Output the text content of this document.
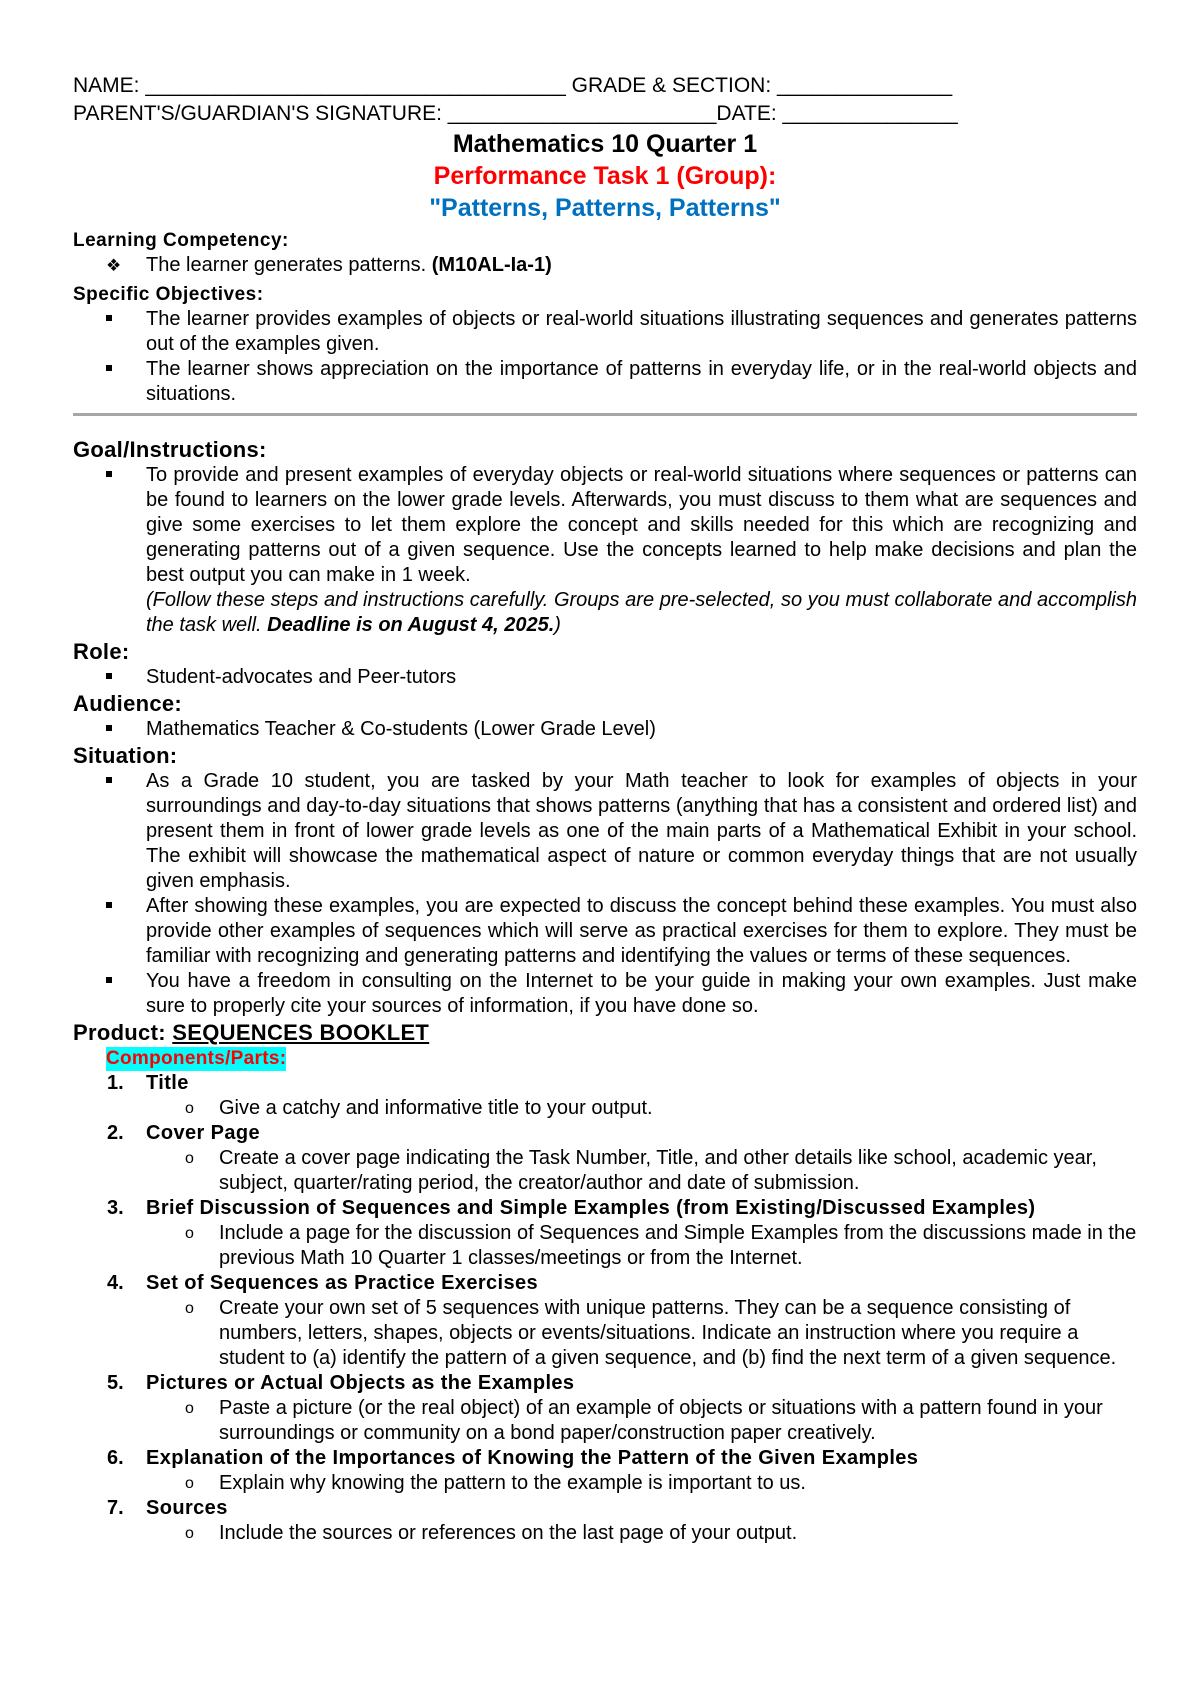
NAME: ____________________________________ GRADE & SECTION: _______________
PARENT'S/GUARDIAN'S SIGNATURE: _______________________DATE: _______________
Mathematics 10 Quarter 1
Performance Task 1 (Group):
"Patterns, Patterns, Patterns"
Learning Competency:
❖ The learner generates patterns. (M10AL-Ia-1)
Specific Objectives:
The learner provides examples of objects or real-world situations illustrating sequences and generates patterns out of the examples given.
The learner shows appreciation on the importance of patterns in everyday life, or in the real-world objects and situations.
Goal/Instructions:
To provide and present examples of everyday objects or real-world situations where sequences or patterns can be found to learners on the lower grade levels. Afterwards, you must discuss to them what are sequences and give some exercises to let them explore the concept and skills needed for this which are recognizing and generating patterns out of a given sequence. Use the concepts learned to help make decisions and plan the best output you can make in 1 week.
(Follow these steps and instructions carefully. Groups are pre-selected, so you must collaborate and accomplish the task well. Deadline is on August 4, 2025.)
Role:
Student-advocates and Peer-tutors
Audience:
Mathematics Teacher & Co-students (Lower Grade Level)
Situation:
As a Grade 10 student, you are tasked by your Math teacher to look for examples of objects in your surroundings and day-to-day situations that shows patterns (anything that has a consistent and ordered list) and present them in front of lower grade levels as one of the main parts of a Mathematical Exhibit in your school. The exhibit will showcase the mathematical aspect of nature or common everyday things that are not usually given emphasis.
After showing these examples, you are expected to discuss the concept behind these examples. You must also provide other examples of sequences which will serve as practical exercises for them to explore. They must be familiar with recognizing and generating patterns and identifying the values or terms of these sequences.
You have a freedom in consulting on the Internet to be your guide in making your own examples. Just make sure to properly cite your sources of information, if you have done so.
Product: SEQUENCES BOOKLET
Components/Parts:
1. Title
o Give a catchy and informative title to your output.
2. Cover Page
o Create a cover page indicating the Task Number, Title, and other details like school, academic year, subject, quarter/rating period, the creator/author and date of submission.
3. Brief Discussion of Sequences and Simple Examples (from Existing/Discussed Examples)
o Include a page for the discussion of Sequences and Simple Examples from the discussions made in the previous Math 10 Quarter 1 classes/meetings or from the Internet.
4. Set of Sequences as Practice Exercises
o Create your own set of 5 sequences with unique patterns. They can be a sequence consisting of numbers, letters, shapes, objects or events/situations. Indicate an instruction where you require a student to (a) identify the pattern of a given sequence, and (b) find the next term of a given sequence.
5. Pictures or Actual Objects as the Examples
o Paste a picture (or the real object) of an example of objects or situations with a pattern found in your surroundings or community on a bond paper/construction paper creatively.
6. Explanation of the Importances of Knowing the Pattern of the Given Examples
o Explain why knowing the pattern to the example is important to us.
7. Sources
o Include the sources or references on the last page of your output.
